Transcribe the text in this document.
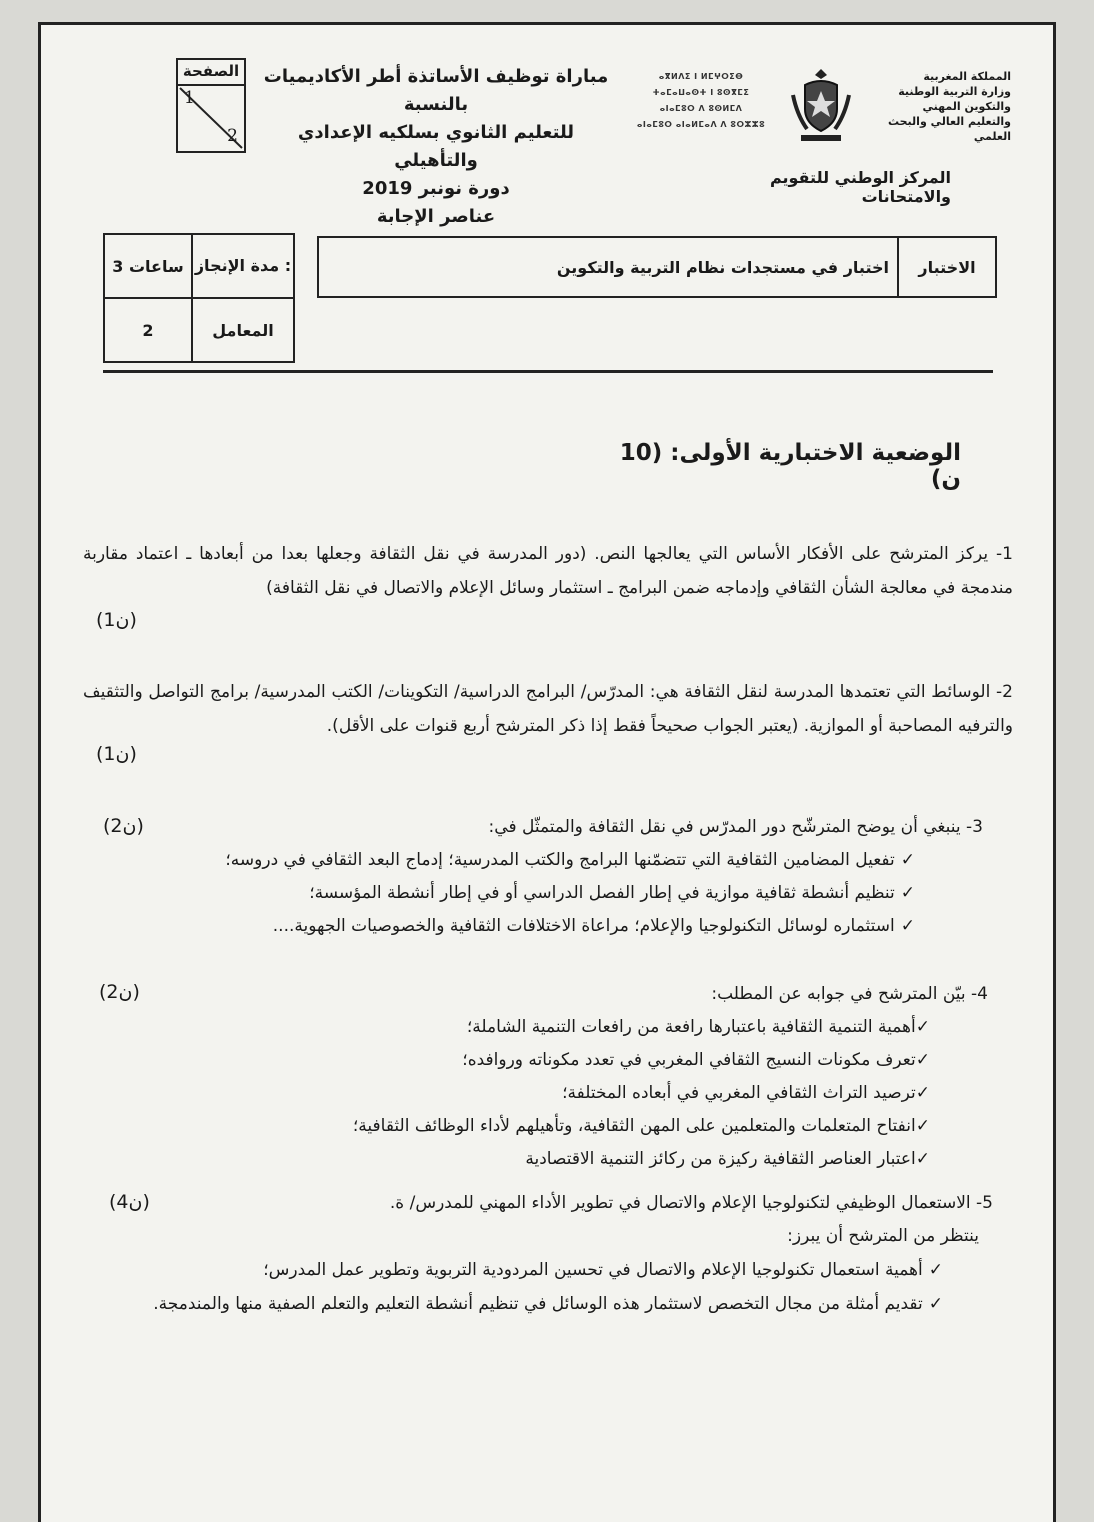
الصفحة
1
2
مباراة توظيف الأساتذة أطر الأكاديميات بالنسبة
للتعليم الثانوي بسلكيه الإعدادي والتأهيلي
دورة نونبر 2019
عناصر الإجابة
ⴰⴳⵍⴷⵉ ⵏ ⵍⵎⵖⵔⵉⴱ
ⵜⴰⵎⴰⵡⴰⵙⵜ ⵏ ⵓⵙⴳⵎⵉ
ⴰⵏⴰⵎⵓⵔ ⴷ ⵓⵙⵍⵎⴷ
ⴰⵏⴰⵎⵓⵔ ⴰⵏⴰⵍⵎⴰⴷ ⴷ ⵓⵔⵣⵣⵓ
المملكة المغربية
وزارة التربية الوطنية
والتكوين المهني
والتعليم العالي والبحث العلمي
المركز الوطني للتقويم والامتحانات
3 ساعات	مدة الإنجاز :
2	المعامل
اختبار في مستجدات نظام التربية والتكوين	الاختبار
الوضعية الاختبارية الأولى: (10 ن)
1- يركز المترشح على الأفكار الأساس التي يعالجها النص. (دور المدرسة في نقل الثقافة وجعلها بعدا من أبعادها ـ اعتماد مقاربة مندمجة في معالجة الشأن الثقافي وإدماجه ضمن البرامج ـ استثمار وسائل الإعلام والاتصال في نقل الثقافة)
(1ن)
2- الوسائط التي تعتمدها المدرسة لنقل الثقافة هي: المدرّس/ البرامج الدراسية/ التكوينات/ الكتب المدرسية/ برامج التواصل والتثقيف والترفيه المصاحبة أو الموازية. (يعتبر الجواب صحيحاً فقط إذا ذكر المترشح أربع قنوات على الأقل).
(1ن)
3- ينبغي أن يوضح المترشّح دور المدرّس في نقل الثقافة والمتمثّل في:
✓تفعيل المضامين الثقافية التي تتضمّنها البرامج والكتب المدرسية؛ إدماج البعد الثقافي في دروسه؛
✓تنظيم أنشطة ثقافية موازية في إطار الفصل الدراسي أو في إطار أنشطة المؤسسة؛
✓استثماره لوسائل التكنولوجيا والإعلام؛ مراعاة الاختلافات الثقافية والخصوصيات الجهوية....
(2ن)
4- بيّن المترشح في جوابه عن المطلب:
✓أهمية التنمية الثقافية باعتبارها رافعة من رافعات التنمية الشاملة؛
✓تعرف مكونات النسيج الثقافي المغربي في تعدد مكوناته وروافده؛
✓ترصيد التراث الثقافي المغربي في أبعاده المختلفة؛
✓انفتاح المتعلمات والمتعلمين على المهن الثقافية، وتأهيلهم لأداء الوظائف الثقافية؛
✓اعتبار العناصر الثقافية ركيزة من ركائز التنمية الاقتصادية
(2ن)
5- الاستعمال الوظيفي لتكنولوجيا الإعلام والاتصال في تطوير الأداء المهني للمدرس/ ة.
ينتظر من المترشح أن يبرز:
✓أهمية استعمال تكنولوجيا الإعلام والاتصال في تحسين المردودية التربوية وتطوير عمل المدرس؛
✓تقديم أمثلة من مجال التخصص لاستثمار هذه الوسائل في تنظيم أنشطة التعليم والتعلم الصفية منها والمندمجة.
(4ن)
